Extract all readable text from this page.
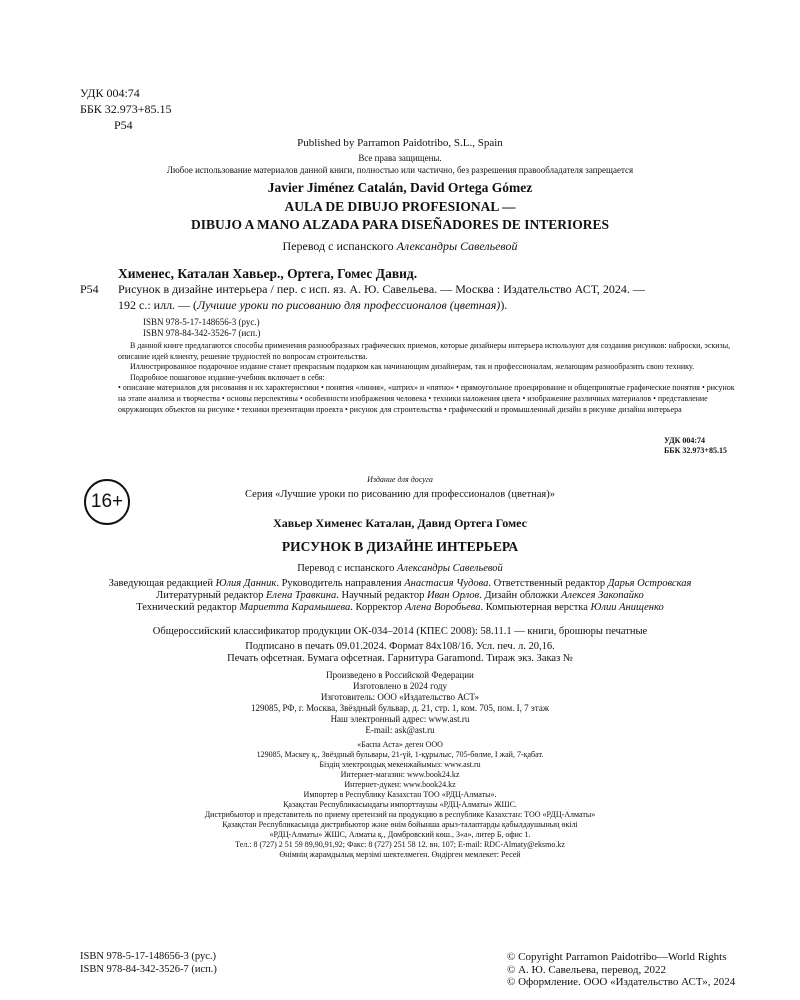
УДК 004:74
ББК 32.973+85.15
Р54
Published by Parramon Paidotribo, S.L., Spain
Все права защищены.
Любое использование материалов данной книги, полностью или частично, без разрешения правообладателя запрещается
Javier Jiménez Catalán, David Ortega Gómez
AULA DE DIBUJO PROFESIONAL —
DIBUJO A MANO ALZADA PARA DISEÑADORES DE INTERIORES
Перевод с испанского Александры Савельевой
Хименес, Каталан Хавьер., Ортега, Гомес Давид.
Р54 Рисунок в дизайне интерьера / пер. с исп. яз. А. Ю. Савельева. — Москва : Издательство АСТ, 2024. —
192 с.: илл. — (Лучшие уроки по рисованию для профессионалов (цветная)).
ISBN 978-5-17-148656-3 (рус.)
ISBN 978-84-342-3526-7 (исп.)
В данной книге предлагаются способы применения разнообразных графических приемов, которые дизайнеры интерьера используют для создания рисунков: наброски, эскизы, описание идей клиенту, решение трудностей по вопросам строительства.
Иллюстрированное подарочное издание станет прекрасным подарком как начинающим дизайнерам, так и профессионалам, желающим разнообразить свою технику.
Подробное пошаговое издание-учебник включает в себя:
• описание материалов для рисования и их характеристики • понятия «линия», «штрих» и «пятно» • прямоугольное проецирование и общепринятые графические понятия • рисунок на этапе анализа и творчества • основы перспективы • особенности изображения человека • техники наложения цвета • изображение различных материалов • представление окружающих объектов на рисунке • техники презентации проекта • рисунок для строительства • графический и промышленный дизайн в рисунке дизайна интерьера
УДК 004:74
ББК 32.973+85.15
16+
Издание для досуга
Серия «Лучшие уроки по рисованию для профессионалов (цветная)»
Хавьер Хименес Каталан, Давид Ортега Гомес
РИСУНОК В ДИЗАЙНЕ ИНТЕРЬЕРА
Перевод с испанского Александры Савельевой
Заведующая редакцией Юлия Данник. Руководитель направления Анастасия Чудова. Ответственный редактор Дарья Островская
Литературный редактор Елена Травкина. Научный редактор Иван Орлов. Дизайн обложки Алексея Закопайко
Технический редактор Мариетта Карамышева. Корректор Алена Воробьева. Компьютерная верстка Юлии Анищенко
Общероссийский классификатор продукции ОК-034–2014 (КПЕС 2008): 58.11.1 — книги, брошюры печатные
Подписано в печать 09.01.2024. Формат 84х108/16. Усл. печ. л. 20,16.
Печать офсетная. Бумага офсетная. Гарнитура Garamond. Тираж экз. Заказ №
Произведено в Российской Федерации
Изготовлено в 2024 году
Изготовитель: ООО «Издательство АСТ»
129085, РФ, г. Москва, Звёздный бульвар, д. 21, стр. 1, ком. 705, пом. I, 7 этаж
Наш электронный адрес: www.ast.ru
E-mail: ask@ast.ru
«Баспа Аста» деген ООО
129085, Мәскеу қ., Звёздный бульвары, 21-үй, 1-құрылыс, 705-бөлме, I жай, 7-қабат.
Біздің электрондық мекенжайымыз: www.ast.ru
Интернет-магазин: www.book24.kz
Интернет-дүкен: www.book24.kz
Импортер в Республику Казахстан ТОО «РДЦ-Алматы».
Қазақстан Республикасындағы импорттаушы «РДЦ-Алматы» ЖШС.
Дистрибьютор и представитель по приему претензий на продукцию в республике Казахстан: ТОО «РДЦ-Алматы»
Қазақстан Республикасында дистрибьютор және өнім бойынша арыз-талаптарды қабылдаушының өкілі
«РДЦ-Алматы» ЖШС, Алматы қ., Домбровский көш., 3«а», литер Б, офис 1.
Тел.: 8 (727) 2 51 59 89,90,91,92; Факс: 8 (727) 251 58 12. вн. 107; E-mail: RDC-Almaty@eksmo.kz
Өнімнің жарамдылық мерзімі шектелмеген. Өндірген мемлекет: Ресей
ISBN 978-5-17-148656-3 (рус.)
ISBN 978-84-342-3526-7 (исп.)
© Copyright Parramon Paidotribo—World Rights
© А. Ю. Савельева, перевод, 2022
© Оформление. ООО «Издательство АСТ», 2024
